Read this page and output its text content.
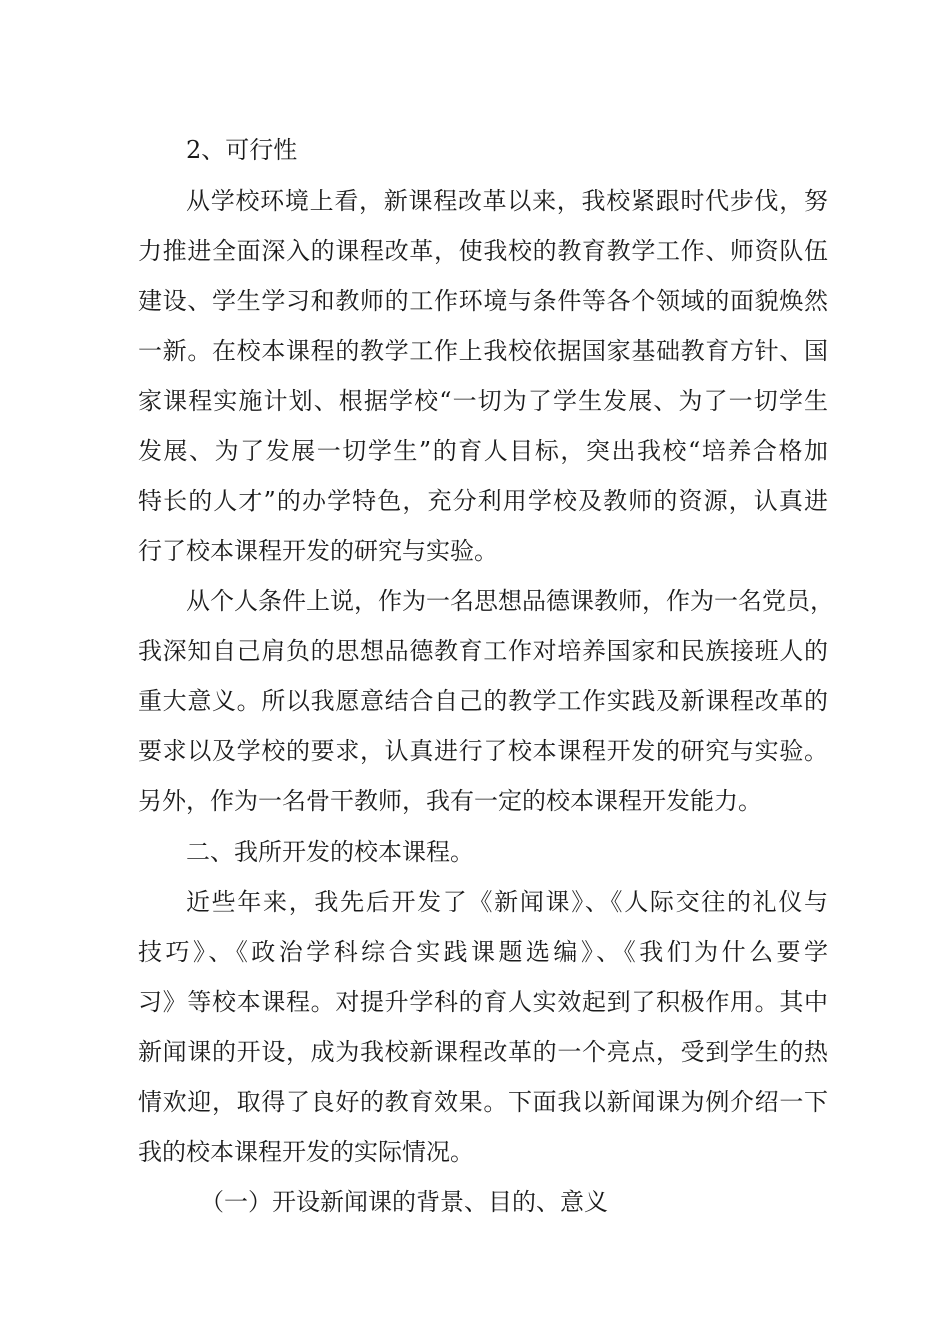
2、可行性
从学校环境上看，新课程改革以来，我校紧跟时代步伐，努
力推进全面深入的课程改革，使我校的教育教学工作、师资队伍
建设、学生学习和教师的工作环境与条件等各个领域的面貌焕然
一新。在校本课程的教学工作上我校依据国家基础教育方针、国
家课程实施计划、根据学校“一切为了学生发展、为了一切学生
发展、为了发展一切学生”的育人目标，突出我校“培养合格加
特长的人才”的办学特色，充分利用学校及教师的资源，认真进
行了校本课程开发的研究与实验。
从个人条件上说，作为一名思想品德课教师，作为一名党员，
我深知自己肩负的思想品德教育工作对培养国家和民族接班人的
重大意义。所以我愿意结合自己的教学工作实践及新课程改革的
要求以及学校的要求，认真进行了校本课程开发的研究与实验。
另外，作为一名骨干教师，我有一定的校本课程开发能力。
二、我所开发的校本课程。
近些年来，我先后开发了《新闻课》、《人际交往的礼仪与
技巧》、《政治学科综合实践课题选编》、《我们为什么要学
习》等校本课程。对提升学科的育人实效起到了积极作用。其中
新闻课的开设，成为我校新课程改革的一个亮点，受到学生的热
情欢迎，取得了良好的教育效果。下面我以新闻课为例介绍一下
我的校本课程开发的实际情况。
（一）开设新闻课的背景、目的、意义
